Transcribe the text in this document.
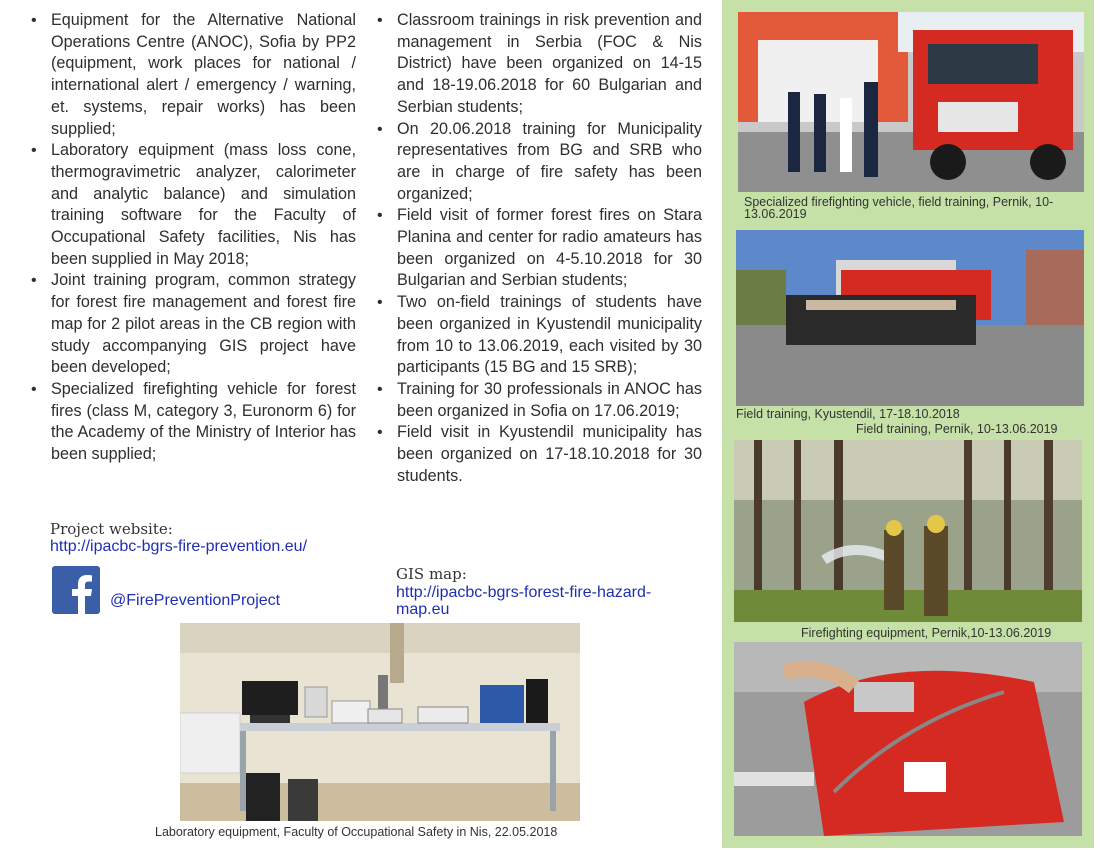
• Equipment for the Alternative National Operations Centre (ANOC), Sofia by PP2 (equipment, work places for national / international alert / emergency / warning, et. systems, repair works) has been supplied;
• Laboratory equipment (mass loss cone, thermogravimetric analyzer, calorimeter and analytic balance) and simulation training software for the Faculty of Occupational Safety facilities, Nis has been supplied in May 2018;
• Joint training program, common strategy for forest fire management and forest fire map for 2 pilot areas in the CB region with study accompanying GIS project have been developed;
• Specialized firefighting vehicle for forest fires (class M, category 3, Euronorm 6) for the Academy of the Ministry of Interior has been supplied;
• Classroom trainings in risk prevention and management in Serbia (FOC & Nis District) have been organized on 14-15 and 18-19.06.2018 for 60 Bulgarian and Serbian students;
• On 20.06.2018 training for Municipality representatives from BG and SRB who are in charge of fire safety has been organized;
• Field visit of former forest fires on Stara Planina and center for radio amateurs has been organized on 4-5.10.2018 for 30 Bulgarian and Serbian students;
• Two on-field trainings of students have been organized in Kyustendil municipality from 10 to 13.06.2019, each visited by 30 participants (15 BG and 15 SRB);
• Training for 30 professionals in ANOC has been organized in Sofia on 17.06.2019;
• Field visit in Kyustendil municipality has been organized on 17-18.10.2018 for 30 students.

Project website:

http://ipacbc-bgrs-fire-prevention.eu/
@FirePreventionProject

GIS map:

http://ipacbc-bgrs-forest-fire-hazard-map.eu
Laboratory equipment, Faculty of Occupational Safety in Nis, 22.05.2018
Specialized firefighting vehicle, field training, Pernik, 10-13.06.2019
Field training, Kyustendil, 17-18.10.2018
Field training, Pernik, 10-13.06.2019
Firefighting equipment, Pernik,10-13.06.2019
